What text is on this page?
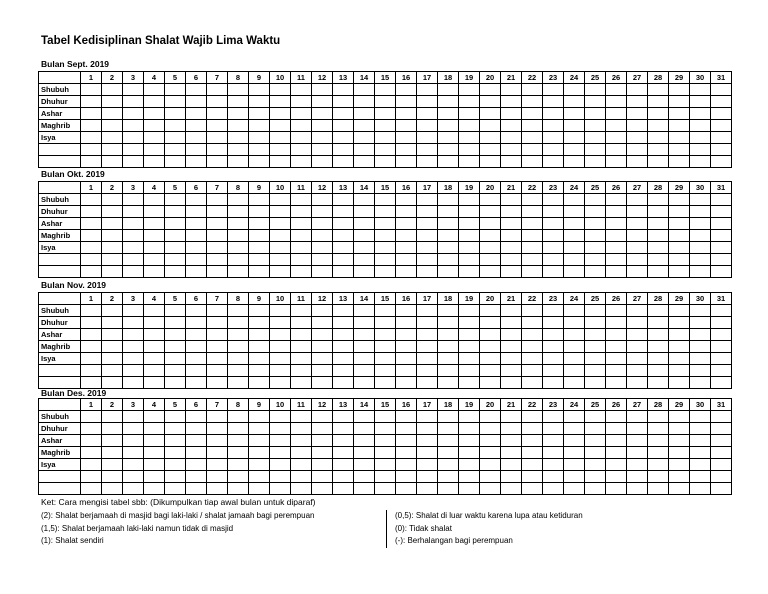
Tabel Kedisiplinan Shalat Wajib Lima Waktu
Bulan Sept. 2019
	1	2	3	4	5	6	7	8	9	10	11	12	13	14	15	16	17	18	19	20	21	22	23	24	25	26	27	28	29	30	31
Shubuh																															
Dhuhur																															
Ashar																															
Maghrib																															
Isya																															

Bulan Okt. 2019
	1	2	3	4	5	6	7	8	9	10	11	12	13	14	15	16	17	18	19	20	21	22	23	24	25	26	27	28	29	30	31
Shubuh																															
Dhuhur																															
Ashar																															
Maghrib																															
Isya																															

Bulan Nov. 2019
	1	2	3	4	5	6	7	8	9	10	11	12	13	14	15	16	17	18	19	20	21	22	23	24	25	26	27	28	29	30	31
Shubuh																															
Dhuhur																															
Ashar																															
Maghrib																															
Isya																															

Bulan Des. 2019
	1	2	3	4	5	6	7	8	9	10	11	12	13	14	15	16	17	18	19	20	21	22	23	24	25	26	27	28	29	30	31
Shubuh																															
Dhuhur																															
Ashar																															
Maghrib																															
Isya																															

Ket: Cara mengisi tabel sbb: (Dikumpulkan tiap awal bulan untuk diparaf)
(2): Shalat berjamaah di masjid bagi laki-laki / shalat jamaah bagi perempuan
(1,5): Shalat berjamaah laki-laki namun tidak di masjid
(1): Shalat sendiri
(0,5): Shalat di luar waktu karena lupa atau ketiduran
(0): Tidak shalat
(-): Berhalangan bagi perempuan
